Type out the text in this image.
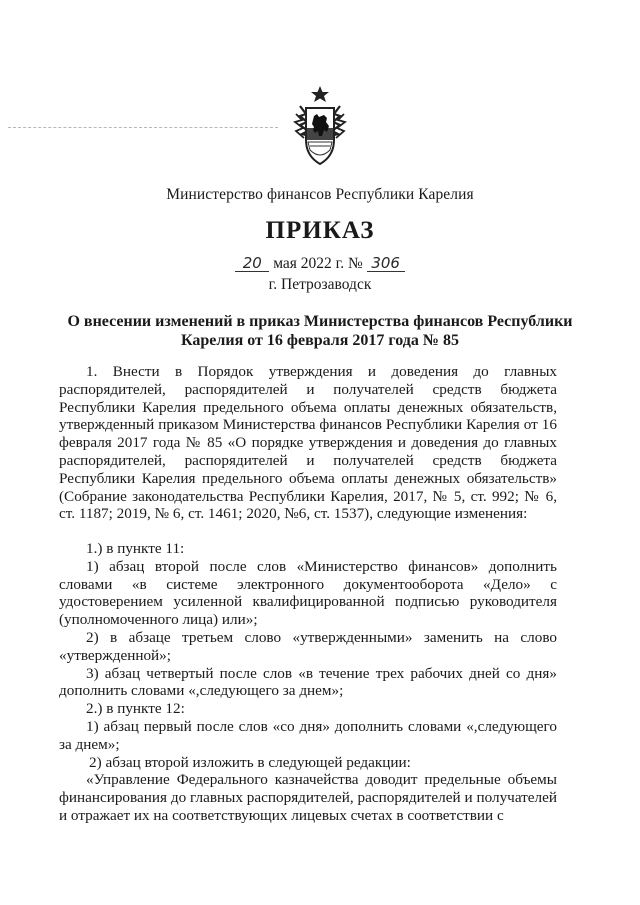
Министерство финансов Республики Карелия
ПРИКАЗ
20 мая 2022 г. № 306
г. Петрозаводск
О внесении изменений в приказ Министерства финансов Республики
Карелия от 16 февраля 2017 года № 85

1. Внести в Порядок утверждения и доведения до главных распорядителей, распорядителей и получателей средств бюджета Республики Карелия предельного объема оплаты денежных обязательств, утвержденный приказом Министерства финансов Республики Карелия от 16 февраля 2017 года № 85 «О порядке утверждения и доведения до главных распорядителей, распорядителей и получателей средств бюджета Республики Карелия предельного объема оплаты денежных обязательств» (Собрание законодательства Республики Карелия, 2017, № 5, ст. 992; № 6, ст. 1187; 2019, № 6, ст. 1461; 2020, №6, ст. 1537), следующие изменения:

1.) в пункте 11:

1) абзац второй после слов «Министерство финансов» дополнить словами «в системе электронного документооборота «Дело» с удостоверением усиленной квалифицированной подписью руководителя (уполномоченного лица) или»;

2) в абзаце третьем слово «утвержденными» заменить на слово «утвержденной»;

3) абзац четвертый после слов «в течение трех рабочих дней со дня» дополнить словами «,следующего за днем»;

2.) в пункте 12:

1) абзац первый после слов «со дня» дополнить словами «,следующего за днем»;

2) абзац второй изложить в следующей редакции:

«Управление Федерального казначейства доводит предельные объемы финансирования до главных распорядителей, распорядителей и получателей и отражает их на соответствующих лицевых счетах в соответствии с
